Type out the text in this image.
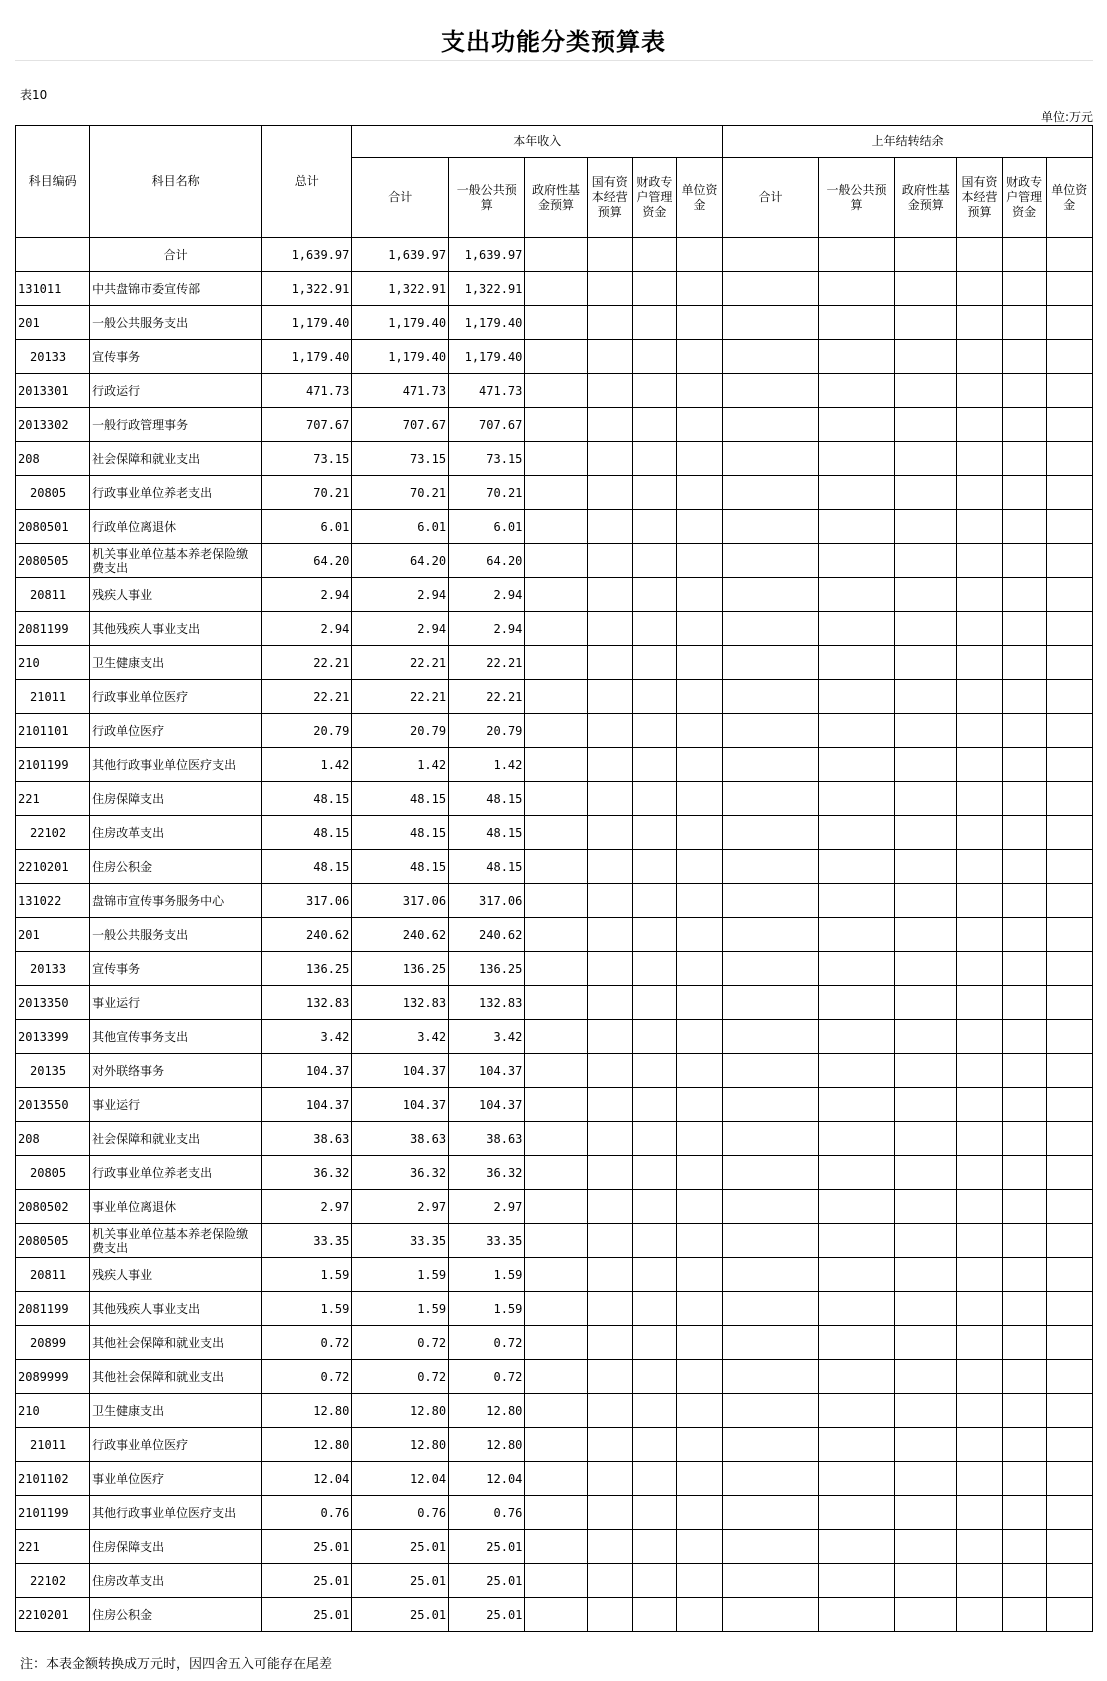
支出功能分类预算表
表10
单位:万元
科目编码	科目名称	总计	本年收入						上年结转结余					
			合计	一般公共预算	政府性基金预算	国有资本经营预算	财政专户管理资金	单位资金	合计	一般公共预算	政府性基金预算	国有资本经营预算	财政专户管理资金	单位资金
	合计	1,639.97	1,639.97	1,639.97										
131011	中共盘锦市委宣传部	1,322.91	1,322.91	1,322.91										
201	一般公共服务支出	1,179.40	1,179.40	1,179.40										
20133	宣传事务	1,179.40	1,179.40	1,179.40										
2013301	行政运行	471.73	471.73	471.73										
2013302	一般行政管理事务	707.67	707.67	707.67										
208	社会保障和就业支出	73.15	73.15	73.15										
20805	行政事业单位养老支出	70.21	70.21	70.21										
2080501	行政单位离退休	6.01	6.01	6.01										
2080505	机关事业单位基本养老保险缴费支出	64.20	64.20	64.20										
20811	残疾人事业	2.94	2.94	2.94										
2081199	其他残疾人事业支出	2.94	2.94	2.94										
210	卫生健康支出	22.21	22.21	22.21										
21011	行政事业单位医疗	22.21	22.21	22.21										
2101101	行政单位医疗	20.79	20.79	20.79										
2101199	其他行政事业单位医疗支出	1.42	1.42	1.42										
221	住房保障支出	48.15	48.15	48.15										
22102	住房改革支出	48.15	48.15	48.15										
2210201	住房公积金	48.15	48.15	48.15										
131022	盘锦市宣传事务服务中心	317.06	317.06	317.06										
201	一般公共服务支出	240.62	240.62	240.62										
20133	宣传事务	136.25	136.25	136.25										
2013350	事业运行	132.83	132.83	132.83										
2013399	其他宣传事务支出	3.42	3.42	3.42										
20135	对外联络事务	104.37	104.37	104.37										
2013550	事业运行	104.37	104.37	104.37										
208	社会保障和就业支出	38.63	38.63	38.63										
20805	行政事业单位养老支出	36.32	36.32	36.32										
2080502	事业单位离退休	2.97	2.97	2.97										
2080505	机关事业单位基本养老保险缴费支出	33.35	33.35	33.35										
20811	残疾人事业	1.59	1.59	1.59										
2081199	其他残疾人事业支出	1.59	1.59	1.59										
20899	其他社会保障和就业支出	0.72	0.72	0.72										
2089999	其他社会保障和就业支出	0.72	0.72	0.72										
210	卫生健康支出	12.80	12.80	12.80										
21011	行政事业单位医疗	12.80	12.80	12.80										
2101102	事业单位医疗	12.04	12.04	12.04										
2101199	其他行政事业单位医疗支出	0.76	0.76	0.76										
221	住房保障支出	25.01	25.01	25.01										
22102	住房改革支出	25.01	25.01	25.01										
2210201	住房公积金	25.01	25.01	25.01										
注：本表金额转换成万元时，因四舍五入可能存在尾差
